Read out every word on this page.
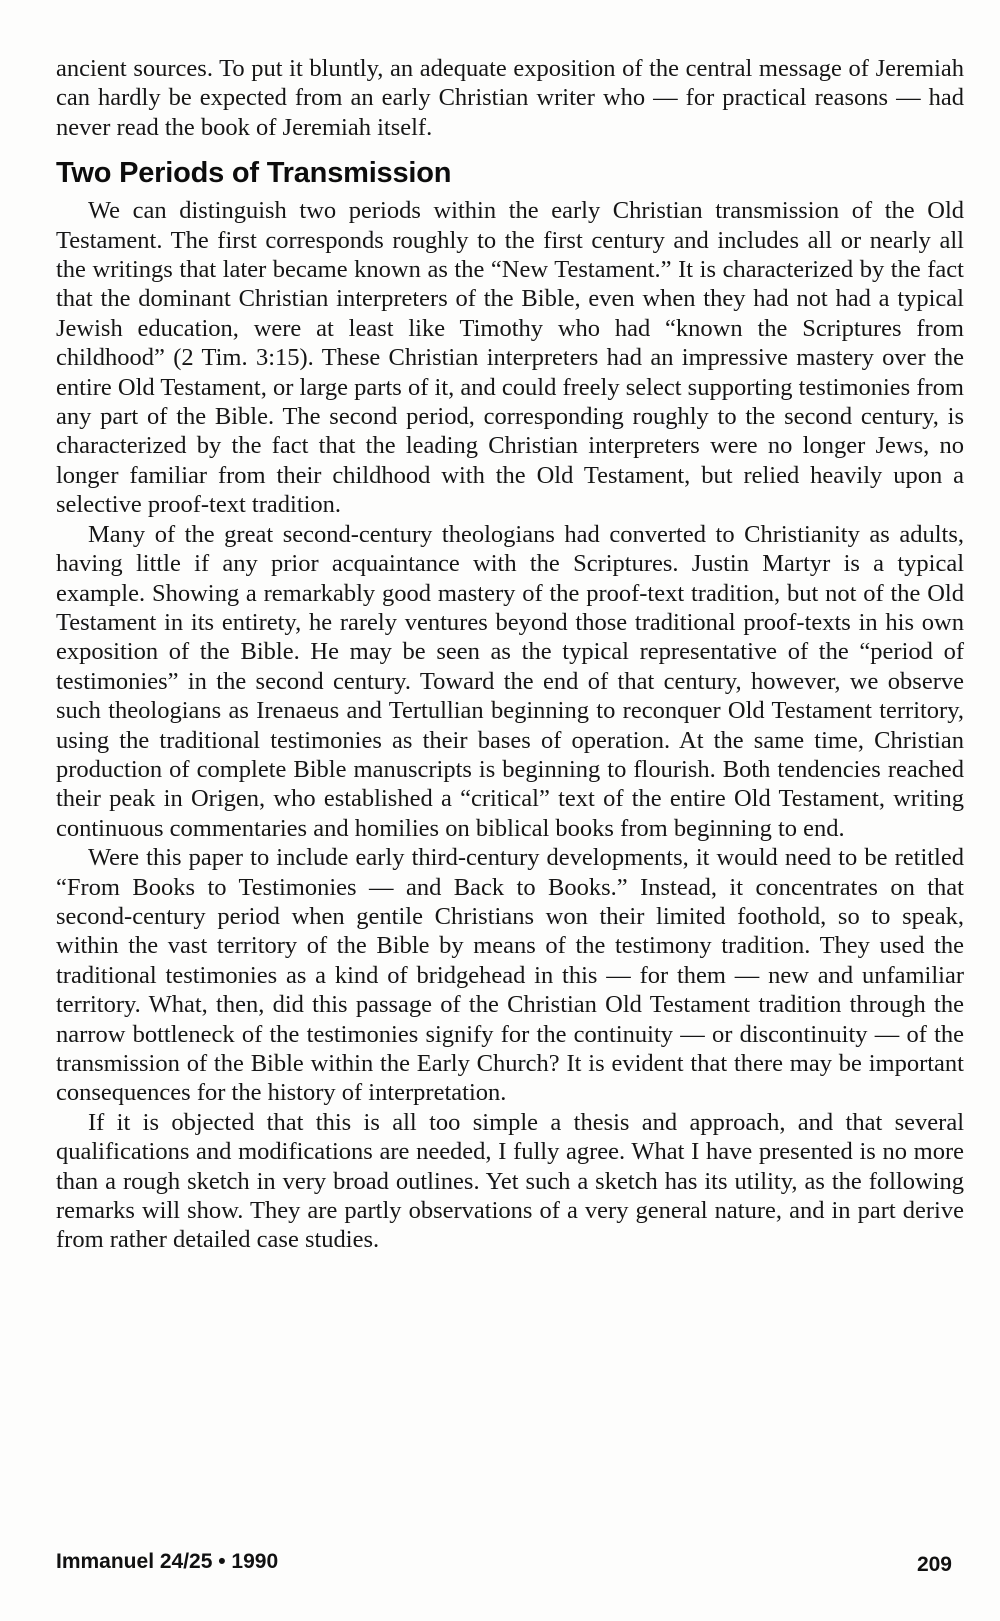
ancient sources. To put it bluntly, an adequate exposition of the central message of Jeremiah can hardly be expected from an early Christian writer who — for practical reasons — had never read the book of Jeremiah itself.

Two Periods of Transmission

We can distinguish two periods within the early Christian transmission of the Old Testament. The first corresponds roughly to the first century and includes all or nearly all the writings that later became known as the “New Testament.” It is characterized by the fact that the dominant Christian interpreters of the Bible, even when they had not had a typical Jewish education, were at least like Timothy who had “known the Scriptures from childhood” (2 Tim. 3:15). These Christian interpreters had an impressive mastery over the entire Old Testament, or large parts of it, and could freely select supporting testimonies from any part of the Bible. The second period, corresponding roughly to the second century, is characterized by the fact that the leading Christian interpreters were no longer Jews, no longer familiar from their childhood with the Old Testament, but relied heavily upon a selective proof-text tradition.

Many of the great second-century theologians had converted to Christianity as adults, having little if any prior acquaintance with the Scriptures. Justin Martyr is a typical example. Showing a remarkably good mastery of the proof-text tradition, but not of the Old Testament in its entirety, he rarely ventures beyond those traditional proof-texts in his own exposition of the Bible. He may be seen as the typical representative of the “period of testimonies” in the second century. Toward the end of that century, however, we observe such theologians as Irenaeus and Tertullian beginning to reconquer Old Testament territory, using the traditional testimonies as their bases of operation. At the same time, Christian production of complete Bible manuscripts is beginning to flourish. Both tendencies reached their peak in Origen, who established a “critical” text of the entire Old Testament, writing continuous commentaries and homilies on biblical books from beginning to end.

Were this paper to include early third-century developments, it would need to be retitled “From Books to Testimonies — and Back to Books.” Instead, it concentrates on that second-century period when gentile Christians won their limited foothold, so to speak, within the vast territory of the Bible by means of the testimony tradition. They used the traditional testimonies as a kind of bridgehead in this — for them — new and unfamiliar territory. What, then, did this passage of the Christian Old Testament tradition through the narrow bottleneck of the testimonies signify for the continuity — or discontinuity — of the transmission of the Bible within the Early Church? It is evident that there may be important consequences for the history of interpretation.

If it is objected that this is all too simple a thesis and approach, and that several qualifications and modifications are needed, I fully agree. What I have presented is no more than a rough sketch in very broad outlines. Yet such a sketch has its utility, as the following remarks will show. They are partly observations of a very general nature, and in part derive from rather detailed case studies.

Immanuel 24/25 • 1990	209
